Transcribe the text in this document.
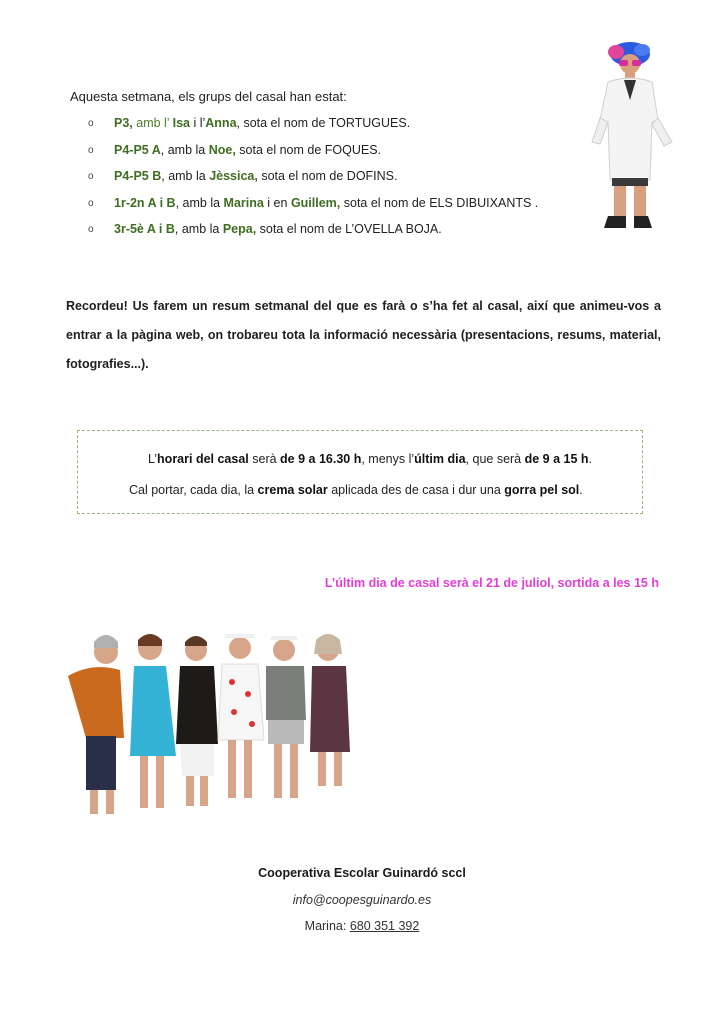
Aquesta setmana, els grups del casal han estat:
o	P3, amb l’ Isa i l’Anna, sota el nom de TORTUGUES.
o	P4-P5 A, amb la Noe, sota el nom de FOQUES.
o	P4-P5 B, amb la Jèssica, sota el nom de DOFINS.
o	1r-2n A i B, amb la Marina i en Guillem, sota el nom de ELS DIBUIXANTS .
o	3r-5è A i B, amb la Pepa, sota el nom de L’OVELLA BOJA.
Recordeu! Us farem un resum setmanal del que es farà o s’ha fet al casal, així que animeu-vos a entrar a la pàgina web, on trobareu tota la informació necessària (presentacions, resums, material, fotografies...).
L’horari del casal serà de 9 a 16.30 h, menys l’últim dia, que serà de 9 a 15 h.
Cal portar, cada dia, la crema solar aplicada des de casa i dur una gorra pel sol.
L’últim dia de casal serà el 21 de juliol, sortida a les 15 h
Cooperativa Escolar Guinardó sccl
info@coopesguinardo.es
Marina: 680 351 392
